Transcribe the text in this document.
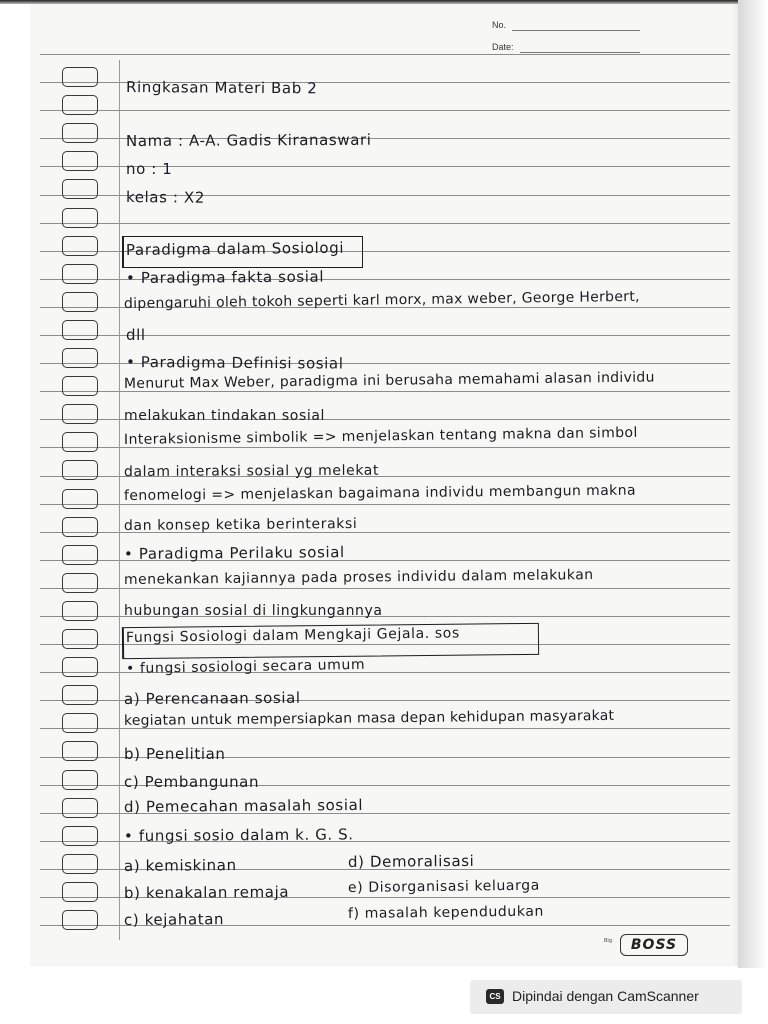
No.
Date:
Ringkasan Materi Bab 2
Nama : A-A. Gadis Kiranaswari
no : 1
kelas : X2
Paradigma dalam Sosiologi
• Paradigma fakta sosial
dipengaruhi oleh tokoh seperti karl morx, max weber, George Herbert,
dll
• Paradigma Definisi sosial
Menurut Max Weber, paradigma ini berusaha memahami alasan individu
melakukan tindakan sosial
Interaksionisme simbolik => menjelaskan tentang makna dan simbol
dalam interaksi sosial yg melekat
fenomelogi => menjelaskan bagaimana individu membangun makna
dan konsep ketika berinteraksi
• Paradigma Perilaku sosial
menekankan kajiannya pada proses individu dalam melakukan
hubungan sosial di lingkungannya
Fungsi Sosiologi dalam Mengkaji Gejala. sos
• fungsi sosiologi secara umum
a) Perencanaan sosial
kegiatan untuk mempersiapkan masa depan kehidupan masyarakat
b) Penelitian
c) Pembangunan
d) Pemecahan masalah sosial
• fungsi sosio dalam k. G. S.
a) kemiskinan
b) kenakalan remaja
c) kejahatan
d) Demoralisasi
e) Disorganisasi keluarga
f) masalah kependudukan
Big	BOSS
CS Dipindai dengan CamScanner
